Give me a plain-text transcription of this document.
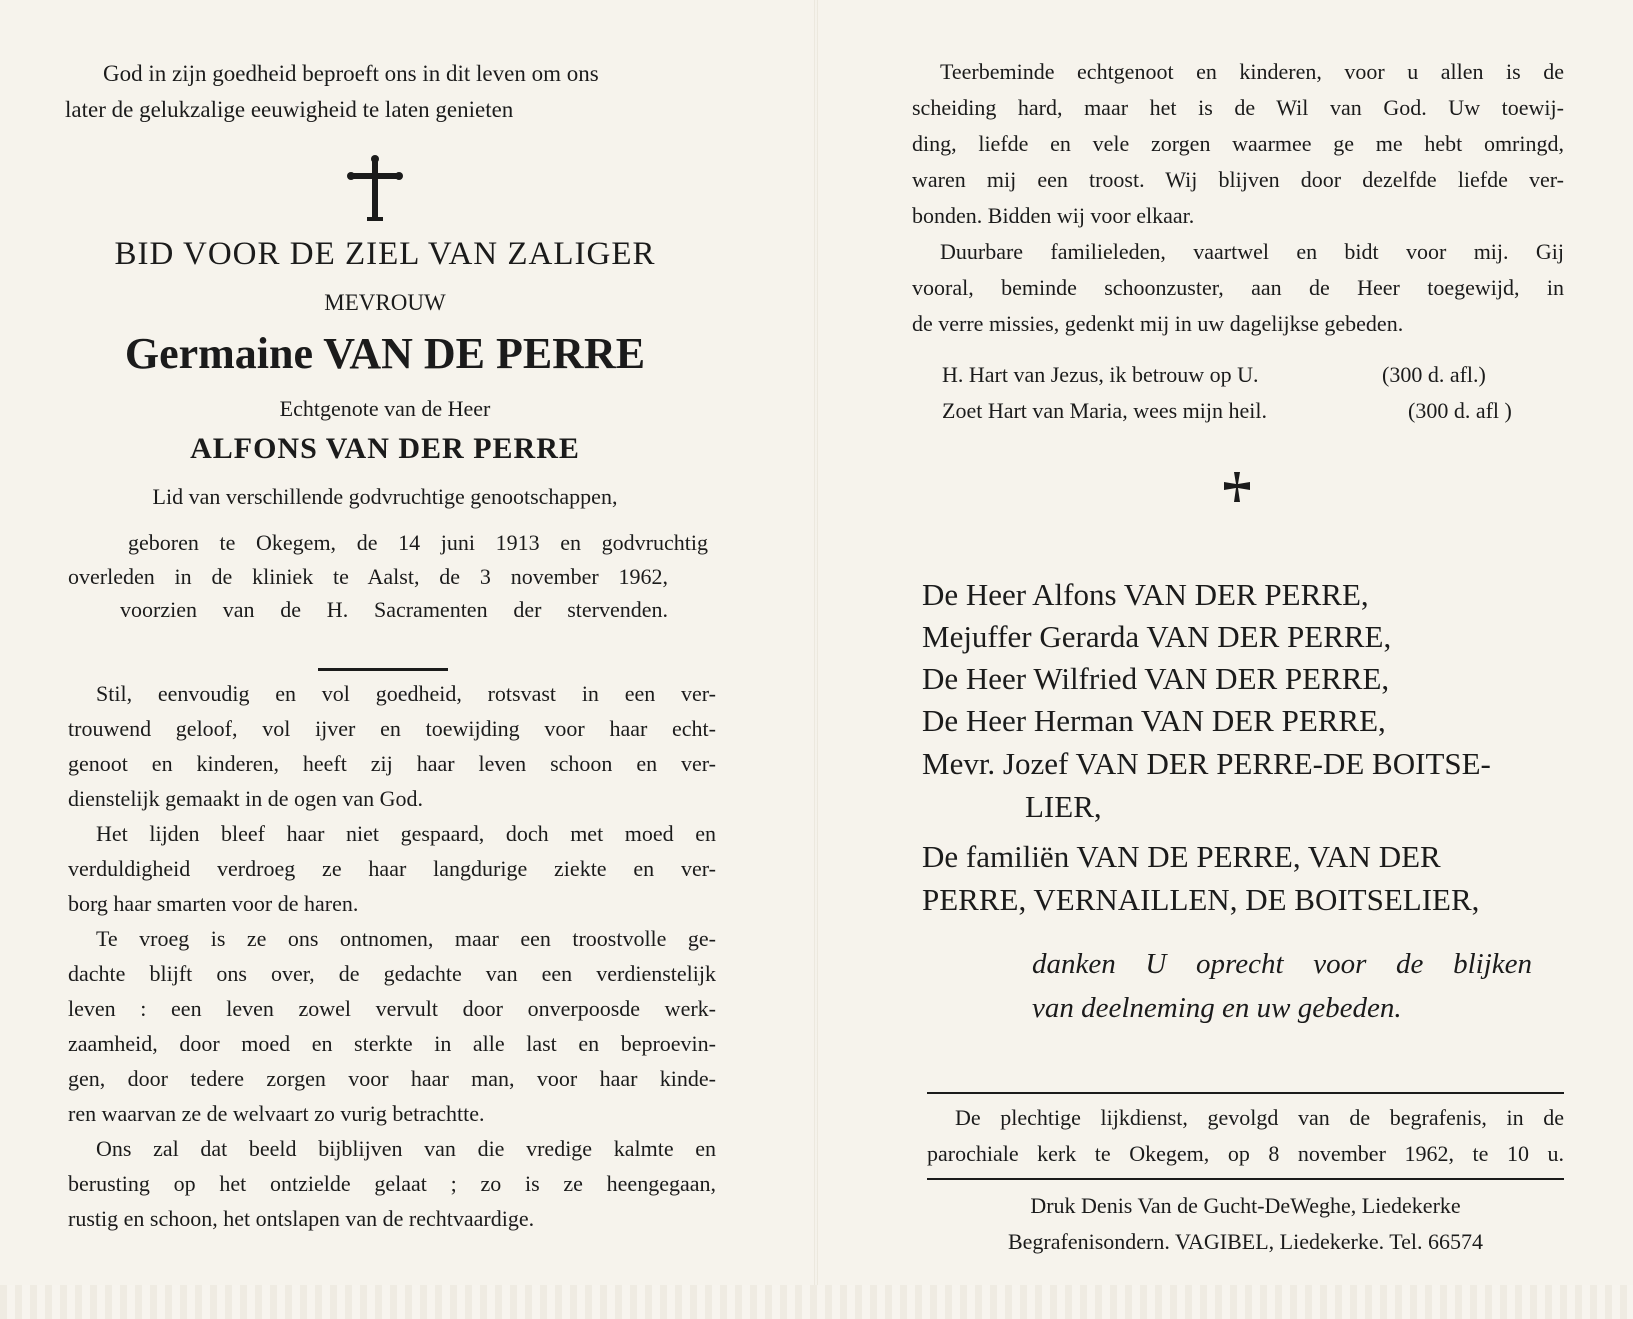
God in zijn goedheid beproeft ons in dit leven om ons
later de gelukzalige eeuwigheid te laten genieten
BID VOOR DE ZIEL VAN ZALIGER
MEVROUW
Germaine VAN DE PERRE
Echtgenote van de Heer
ALFONS VAN DER PERRE
Lid van verschillende godvruchtige genootschappen,
geboren te Okegem, de 14 juni 1913 en godvruchtig
overleden in de kliniek te Aalst, de 3 november 1962,
voorzien van de H. Sacramenten der stervenden.
Stil, eenvoudig en vol goedheid, rotsvast in een ver-
trouwend geloof, vol ijver en toewijding voor haar echt-
genoot en kinderen, heeft zij haar leven schoon en ver-
dienstelijk gemaakt in de ogen van God.
Het lijden bleef haar niet gespaard, doch met moed en
verduldigheid verdroeg ze haar langdurige ziekte en ver-
borg haar smarten voor de haren.
Te vroeg is ze ons ontnomen, maar een troostvolle ge-
dachte blijft ons over, de gedachte van een verdienstelijk
leven : een leven zowel vervult door onverpoosde werk-
zaamheid, door moed en sterkte in alle last en beproevin-
gen, door tedere zorgen voor haar man, voor haar kinde-
ren waarvan ze de welvaart zo vurig betrachtte.
Ons zal dat beeld bijblijven van die vredige kalmte en
berusting op het ontzielde gelaat ; zo is ze heengegaan,
rustig en schoon, het ontslapen van de rechtvaardige.
Teerbeminde echtgenoot en kinderen, voor u allen is de
scheiding hard, maar het is de Wil van God. Uw toewij-
ding, liefde en vele zorgen waarmee ge me hebt omringd,
waren mij een troost. Wij blijven door dezelfde liefde ver-
bonden. Bidden wij voor elkaar.
Duurbare familieleden, vaartwel en bidt voor mij. Gij
vooral, beminde schoonzuster, aan de Heer toegewijd, in
de verre missies, gedenkt mij in uw dagelijkse gebeden.
H. Hart van Jezus, ik betrouw op U.	(300 d. afl.)
Zoet Hart van Maria, wees mijn heil.	(300 d. afl )
De Heer Alfons VAN DER PERRE,
Mejuffer Gerarda VAN DER PERRE,
De Heer Wilfried VAN DER PERRE,
De Heer Herman VAN DER PERRE,
Mevr. Jozef VAN DER PERRE-DE BOITSE-
LIER,
De familiën VAN DE PERRE, VAN DER
PERRE, VERNAILLEN, DE BOITSELIER,
danken U oprecht voor de blijken
van deelneming en uw gebeden.
De plechtige lijkdienst, gevolgd van de begrafenis, in de
parochiale kerk te Okegem, op 8 november 1962, te 10 u.
Druk Denis Van de Gucht-DeWeghe, Liedekerke
Begrafenisondern. VAGIBEL, Liedekerke. Tel. 66574
